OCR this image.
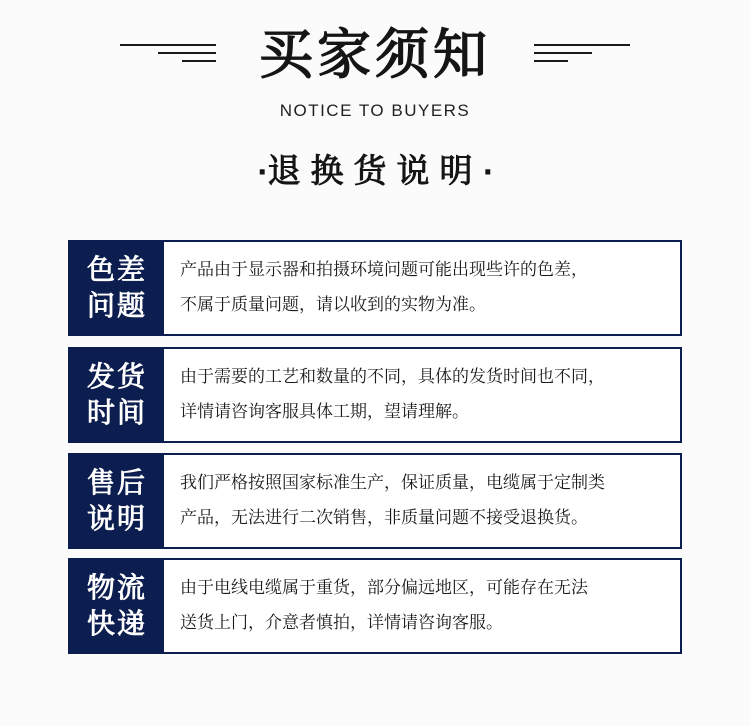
买家须知
NOTICE TO BUYERS
·退换货说明·
色差
问题
产品由于显示器和拍摄环境问题可能出现些许的色差，
不属于质量问题，请以收到的实物为准。
发货
时间
由于需要的工艺和数量的不同，具体的发货时间也不同，
详情请咨询客服具体工期，望请理解。
售后
说明
我们严格按照国家标准生产，保证质量，电缆属于定制类
产品，无法进行二次销售，非质量问题不接受退换货。
物流
快递
由于电线电缆属于重货，部分偏远地区，可能存在无法
送货上门，介意者慎拍，详情请咨询客服。
